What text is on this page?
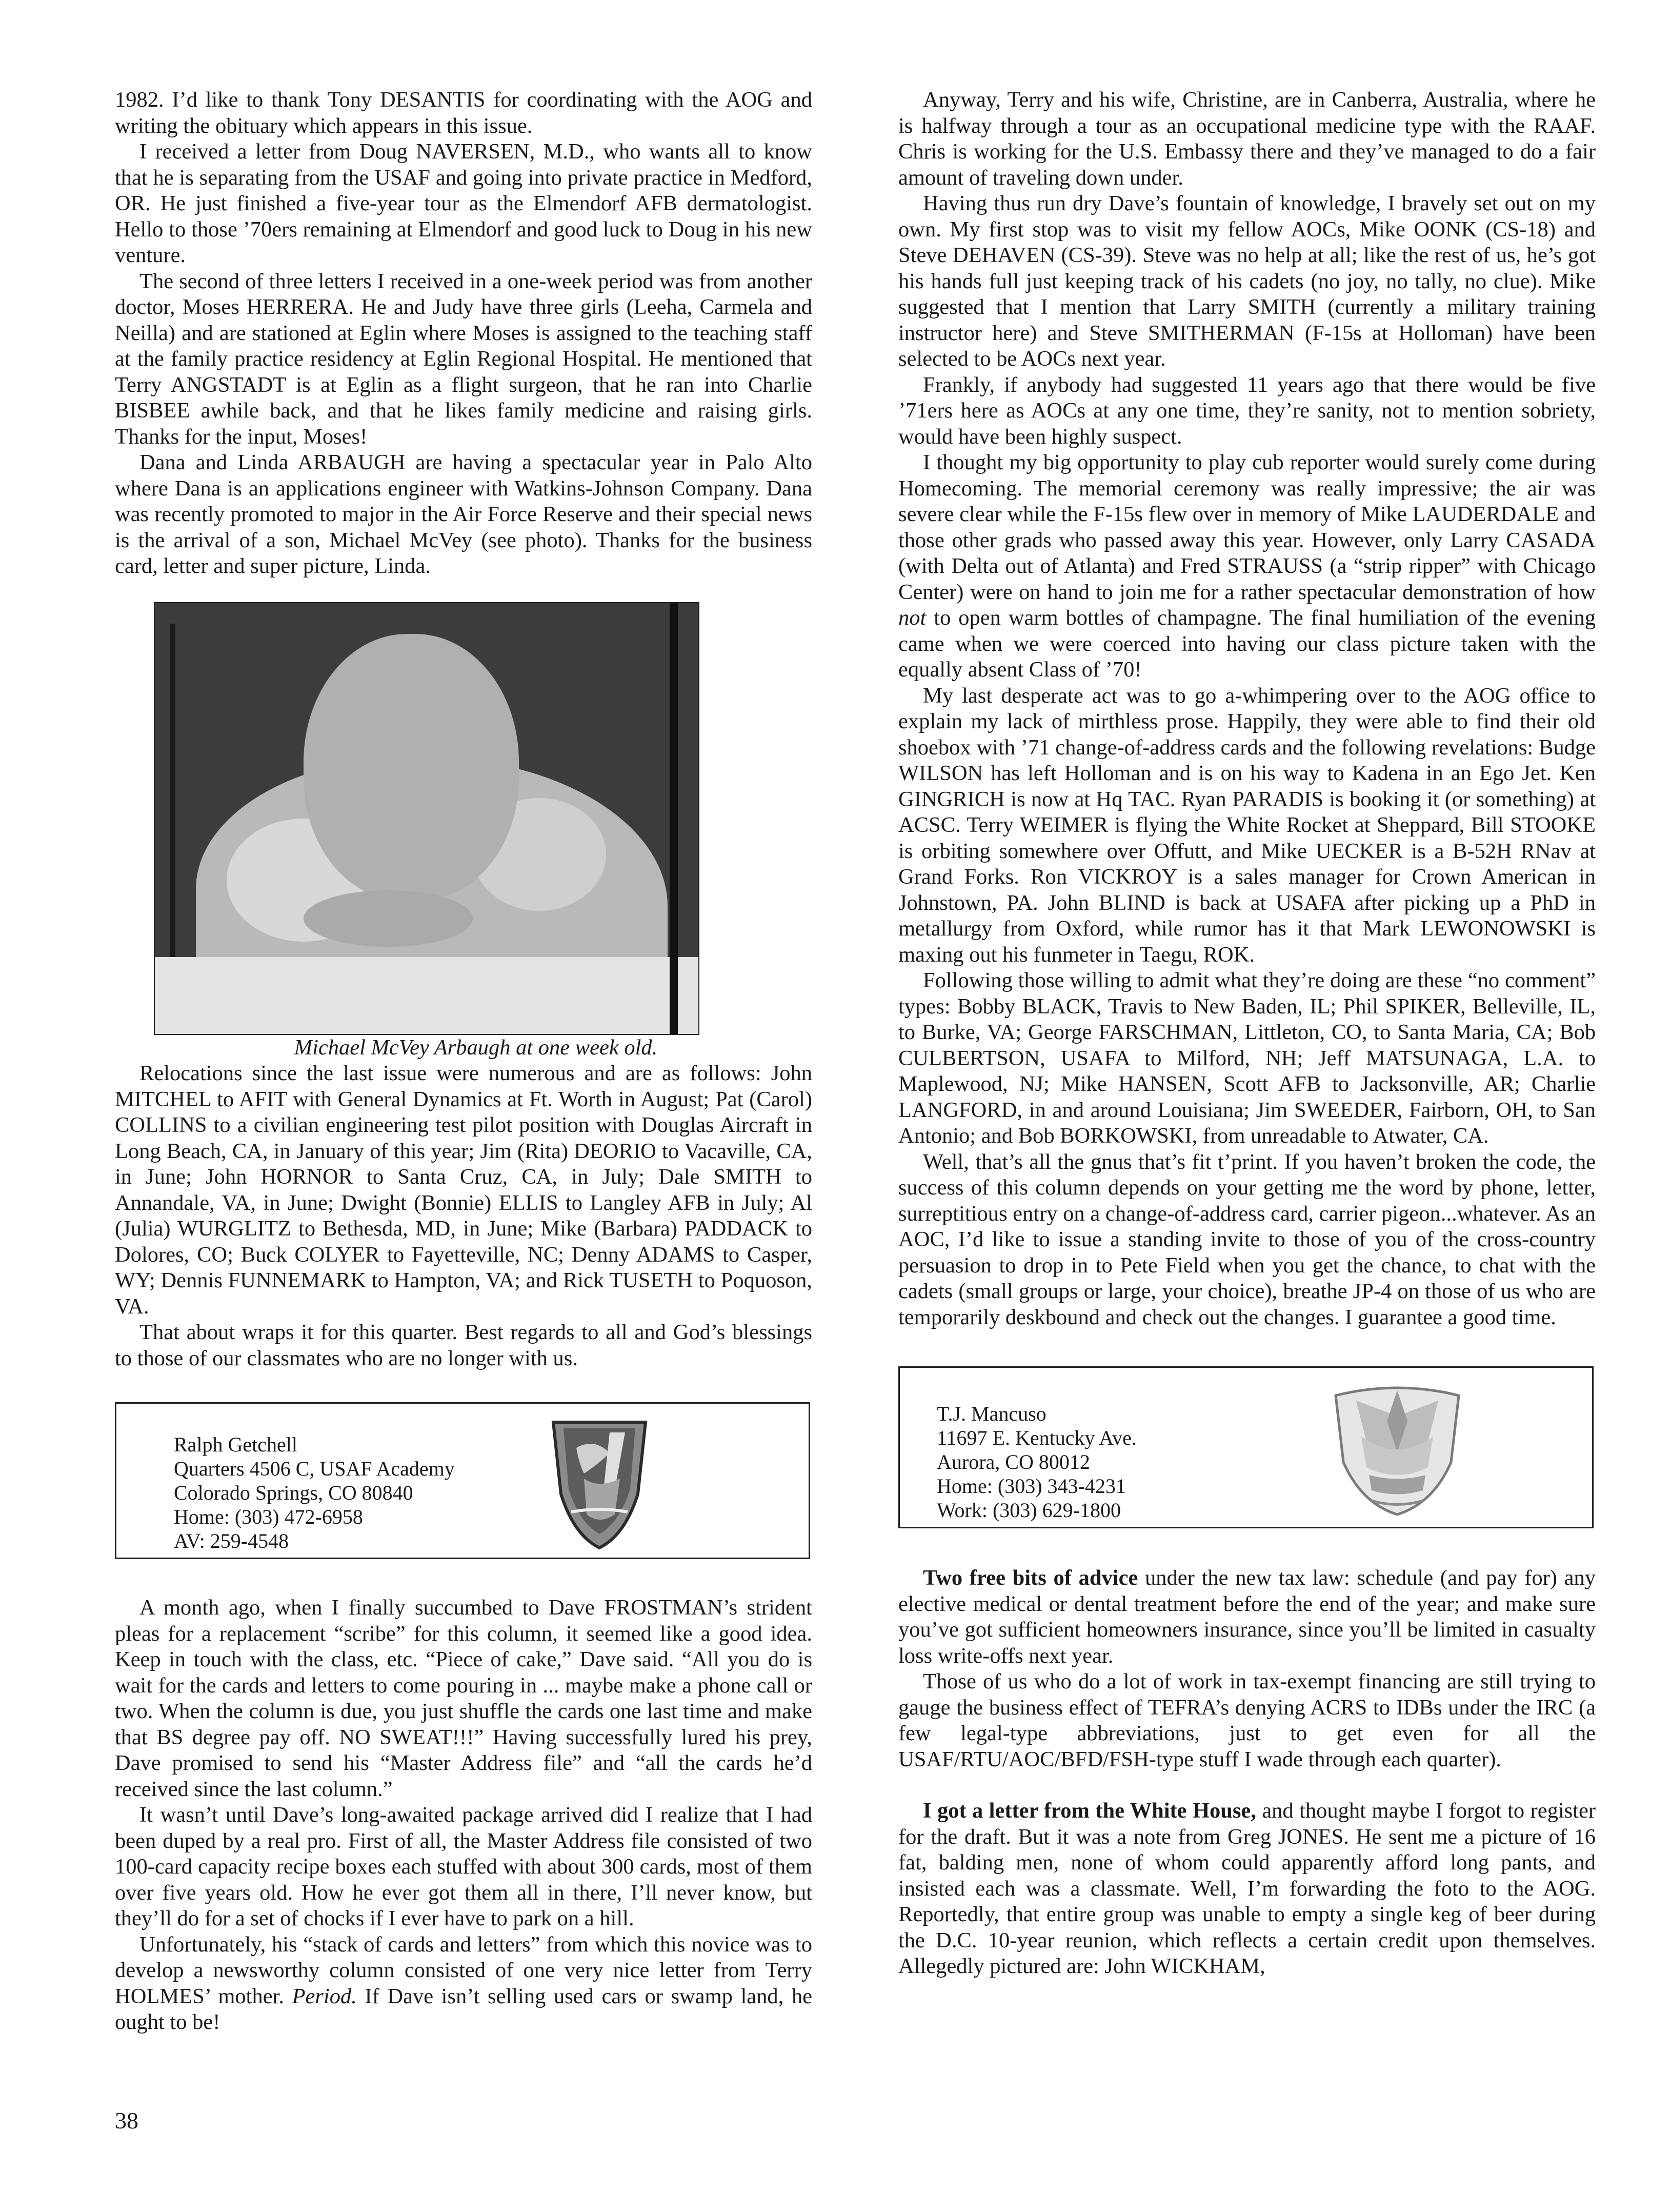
1982. I’d like to thank Tony DESANTIS for coordinating with the AOG and writing the obituary which appears in this issue.

I received a letter from Doug NAVERSEN, M.D., who wants all to know that he is separating from the USAF and going into private practice in Medford, OR. He just finished a five-year tour as the Elmendorf AFB dermatologist. Hello to those ’70ers remaining at Elmendorf and good luck to Doug in his new venture.

The second of three letters I received in a one-week period was from another doctor, Moses HERRERA. He and Judy have three girls (Leeha, Carmela and Neilla) and are stationed at Eglin where Moses is assigned to the teaching staff at the family practice residency at Eglin Regional Hospital. He mentioned that Terry ANGSTADT is at Eglin as a flight surgeon, that he ran into Charlie BISBEE awhile back, and that he likes family medicine and raising girls. Thanks for the input, Moses!

Dana and Linda ARBAUGH are having a spectacular year in Palo Alto where Dana is an applications engineer with Watkins-Johnson Company. Dana was recently promoted to major in the Air Force Reserve and their special news is the arrival of a son, Michael McVey (see photo). Thanks for the business card, letter and super picture, Linda.

Michael McVey Arbaugh at one week old.

Relocations since the last issue were numerous and are as follows: John MITCHEL to AFIT with General Dynamics at Ft. Worth in August; Pat (Carol) COLLINS to a civilian engineering test pilot position with Douglas Aircraft in Long Beach, CA, in January of this year; Jim (Rita) DEORIO to Vacaville, CA, in June; John HORNOR to Santa Cruz, CA, in July; Dale SMITH to Annandale, VA, in June; Dwight (Bonnie) ELLIS to Langley AFB in July; Al (Julia) WURGLITZ to Bethesda, MD, in June; Mike (Barbara) PADDACK to Dolores, CO; Buck COLYER to Fayetteville, NC; Denny ADAMS to Casper, WY; Dennis FUNNEMARK to Hampton, VA; and Rick TUSETH to Poquoson, VA.

That about wraps it for this quarter. Best regards to all and God’s blessings to those of our classmates who are no longer with us.

Ralph Getchell
Quarters 4506 C, USAF Academy
Colorado Springs, CO 80840
Home: (303) 472-6958
AV: 259-4548

A month ago, when I finally succumbed to Dave FROSTMAN’s strident pleas for a replacement “scribe” for this column, it seemed like a good idea. Keep in touch with the class, etc. “Piece of cake,” Dave said. “All you do is wait for the cards and letters to come pouring in ... maybe make a phone call or two. When the column is due, you just shuffle the cards one last time and make that BS degree pay off. NO SWEAT!!!” Having successfully lured his prey, Dave promised to send his “Master Address file” and “all the cards he’d received since the last column.”

It wasn’t until Dave’s long-awaited package arrived did I realize that I had been duped by a real pro. First of all, the Master Address file consisted of two 100-card capacity recipe boxes each stuffed with about 300 cards, most of them over five years old. How he ever got them all in there, I’ll never know, but they’ll do for a set of chocks if I ever have to park on a hill.

Unfortunately, his “stack of cards and letters” from which this novice was to develop a newsworthy column consisted of one very nice letter from Terry HOLMES’ mother. Period. If Dave isn’t selling used cars or swamp land, he ought to be!

Anyway, Terry and his wife, Christine, are in Canberra, Australia, where he is halfway through a tour as an occupational medicine type with the RAAF. Chris is working for the U.S. Embassy there and they’ve managed to do a fair amount of traveling down under.

Having thus run dry Dave’s fountain of knowledge, I bravely set out on my own. My first stop was to visit my fellow AOCs, Mike OONK (CS-18) and Steve DEHAVEN (CS-39). Steve was no help at all; like the rest of us, he’s got his hands full just keeping track of his cadets (no joy, no tally, no clue). Mike suggested that I mention that Larry SMITH (currently a military training instructor here) and Steve SMITHERMAN (F-15s at Holloman) have been selected to be AOCs next year.

Frankly, if anybody had suggested 11 years ago that there would be five ’71ers here as AOCs at any one time, they’re sanity, not to mention sobriety, would have been highly suspect.

I thought my big opportunity to play cub reporter would surely come during Homecoming. The memorial ceremony was really impressive; the air was severe clear while the F-15s flew over in memory of Mike LAUDERDALE and those other grads who passed away this year. However, only Larry CASADA (with Delta out of Atlanta) and Fred STRAUSS (a “strip ripper” with Chicago Center) were on hand to join me for a rather spectacular demonstration of how not to open warm bottles of champagne. The final humiliation of the evening came when we were coerced into having our class picture taken with the equally absent Class of ’70!

My last desperate act was to go a-whimpering over to the AOG office to explain my lack of mirthless prose. Happily, they were able to find their old shoebox with ’71 change-of-address cards and the following revelations: Budge WILSON has left Holloman and is on his way to Kadena in an Ego Jet. Ken GINGRICH is now at Hq TAC. Ryan PARADIS is booking it (or something) at ACSC. Terry WEIMER is flying the White Rocket at Sheppard, Bill STOOKE is orbiting somewhere over Offutt, and Mike UECKER is a B-52H RNav at Grand Forks. Ron VICKROY is a sales manager for Crown American in Johnstown, PA. John BLIND is back at USAFA after picking up a PhD in metallurgy from Oxford, while rumor has it that Mark LEWONOWSKI is maxing out his funmeter in Taegu, ROK.

Following those willing to admit what they’re doing are these “no comment” types: Bobby BLACK, Travis to New Baden, IL; Phil SPIKER, Belleville, IL, to Burke, VA; George FARSCHMAN, Littleton, CO, to Santa Maria, CA; Bob CULBERTSON, USAFA to Milford, NH; Jeff MATSUNAGA, L.A. to Maplewood, NJ; Mike HANSEN, Scott AFB to Jacksonville, AR; Charlie LANGFORD, in and around Louisiana; Jim SWEEDER, Fairborn, OH, to San Antonio; and Bob BORKOWSKI, from unreadable to Atwater, CA.

Well, that’s all the gnus that’s fit t’print. If you haven’t broken the code, the success of this column depends on your getting me the word by phone, letter, surreptitious entry on a change-of-address card, carrier pigeon...whatever. As an AOC, I’d like to issue a standing invite to those of you of the cross-country persuasion to drop in to Pete Field when you get the chance, to chat with the cadets (small groups or large, your choice), breathe JP-4 on those of us who are temporarily deskbound and check out the changes. I guarantee a good time.

T.J. Mancuso
11697 E. Kentucky Ave.
Aurora, CO 80012
Home: (303) 343-4231
Work: (303) 629-1800

Two free bits of advice under the new tax law: schedule (and pay for) any elective medical or dental treatment before the end of the year; and make sure you’ve got sufficient homeowners insurance, since you’ll be limited in casualty loss write-offs next year.

Those of us who do a lot of work in tax-exempt financing are still trying to gauge the business effect of TEFRA’s denying ACRS to IDBs under the IRC (a few legal-type abbreviations, just to get even for all the USAF/RTU/AOC/BFD/FSH-type stuff I wade through each quarter).

I got a letter from the White House, and thought maybe I forgot to register for the draft. But it was a note from Greg JONES. He sent me a picture of 16 fat, balding men, none of whom could apparently afford long pants, and insisted each was a classmate. Well, I’m forwarding the foto to the AOG. Reportedly, that entire group was unable to empty a single keg of beer during the D.C. 10-year reunion, which reflects a certain credit upon themselves. Allegedly pictured are: John WICKHAM,

38
